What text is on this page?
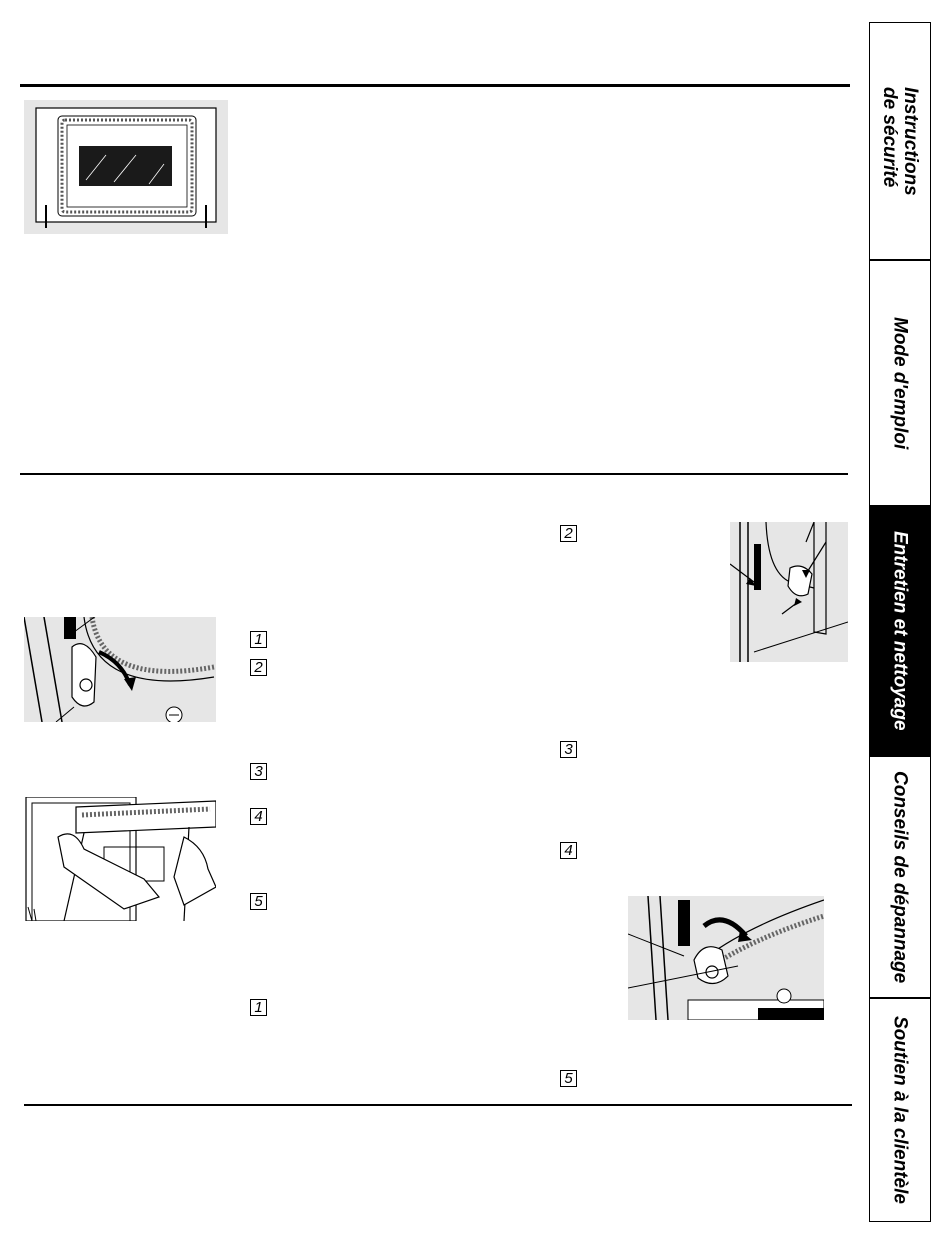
1
2
3
4
5
1
2
3
4
5
Instructions
de sécurité
Mode d'emploi
Entretien et nettoyage
Conseils de dépannage
Soutien à la clientèle
